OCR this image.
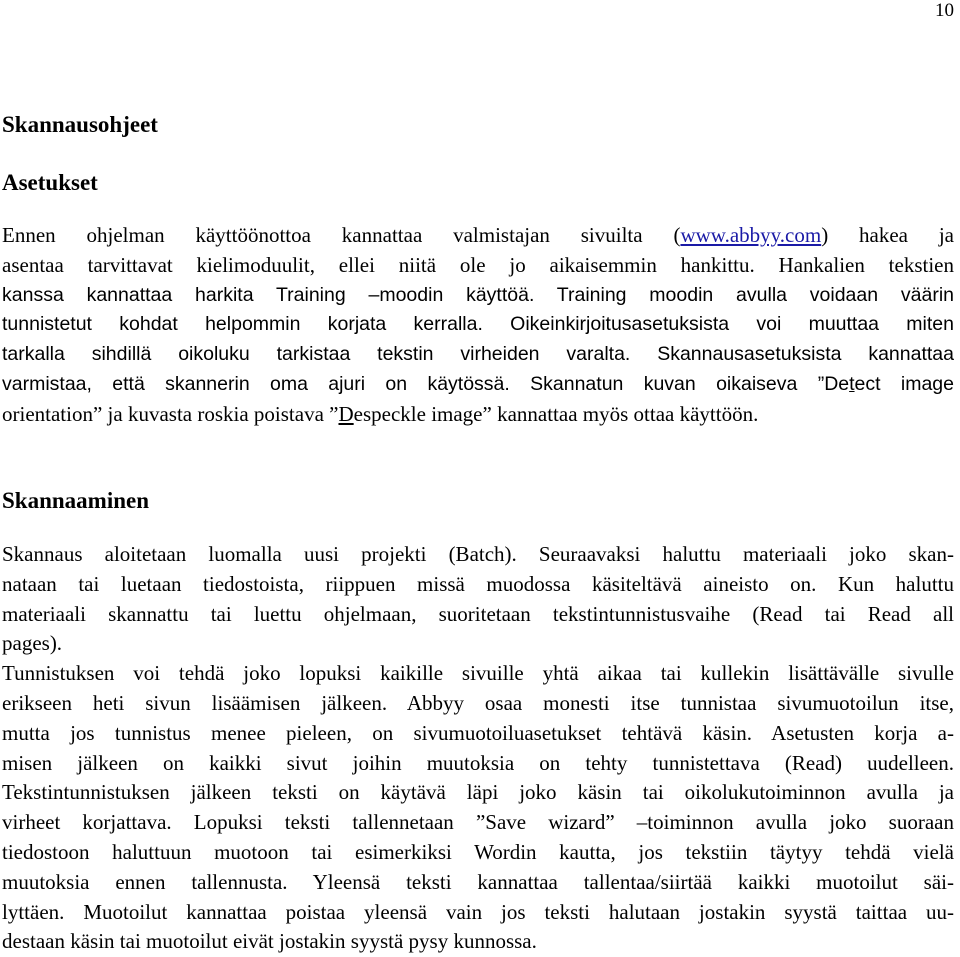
10
Skannausohjeet
Asetukset
Ennen ohjelman käyttöönottoa kannattaa valmistajan sivuilta (www.abbyy.com) hakea ja
asentaa tarvittavat kielimoduulit, ellei niitä ole jo aikaisemmin hankittu. Hankalien tekstien
kanssa kannattaa harkita Training –moodin käyttöä. Training moodin avulla voidaan väärin
tunnistetut kohdat helpommin korjata kerralla. Oikeinkirjoitusasetuksista voi muuttaa miten
tarkalla sihdillä oikoluku tarkistaa tekstin virheiden varalta. Skannausasetuksista kannattaa
varmistaa, että skannerin oma ajuri on käytössä. Skannatun kuvan oikaiseva ”Detect image
orientation” ja kuvasta roskia poistava ”Despeckle image” kannattaa myös ottaa käyttöön.
Skannaaminen
Skannaus aloitetaan luomalla uusi projekti (Batch). Seuraavaksi haluttu materiaali joko skan-
nataan tai luetaan tiedostoista, riippuen missä muodossa käsiteltävä aineisto on. Kun haluttu
materiaali skannattu tai luettu ohjelmaan, suoritetaan tekstintunnistusvaihe (Read tai Read all
pages).
Tunnistuksen voi tehdä joko lopuksi kaikille sivuille yhtä aikaa tai kullekin lisättävälle sivulle
erikseen heti sivun lisäämisen jälkeen. Abbyy osaa monesti itse tunnistaa sivumuotoilun itse,
mutta jos tunnistus menee pieleen, on sivumuotoiluasetukset tehtävä käsin. Asetusten korja a-
misen jälkeen on kaikki sivut joihin muutoksia on tehty tunnistettava (Read) uudelleen.
Tekstintunnistuksen jälkeen teksti on käytävä läpi joko käsin tai oikolukutoiminnon avulla ja
virheet korjattava. Lopuksi teksti tallennetaan ”Save wizard” –toiminnon avulla joko suoraan
tiedostoon haluttuun muotoon tai esimerkiksi Wordin kautta, jos tekstiin täytyy tehdä vielä
muutoksia ennen tallennusta. Yleensä teksti kannattaa tallentaa/siirtää kaikki muotoilut säi-
lyttäen. Muotoilut kannattaa poistaa yleensä vain jos teksti halutaan jostakin syystä taittaa uu-
destaan käsin tai muotoilut eivät jostakin syystä pysy kunnossa.
